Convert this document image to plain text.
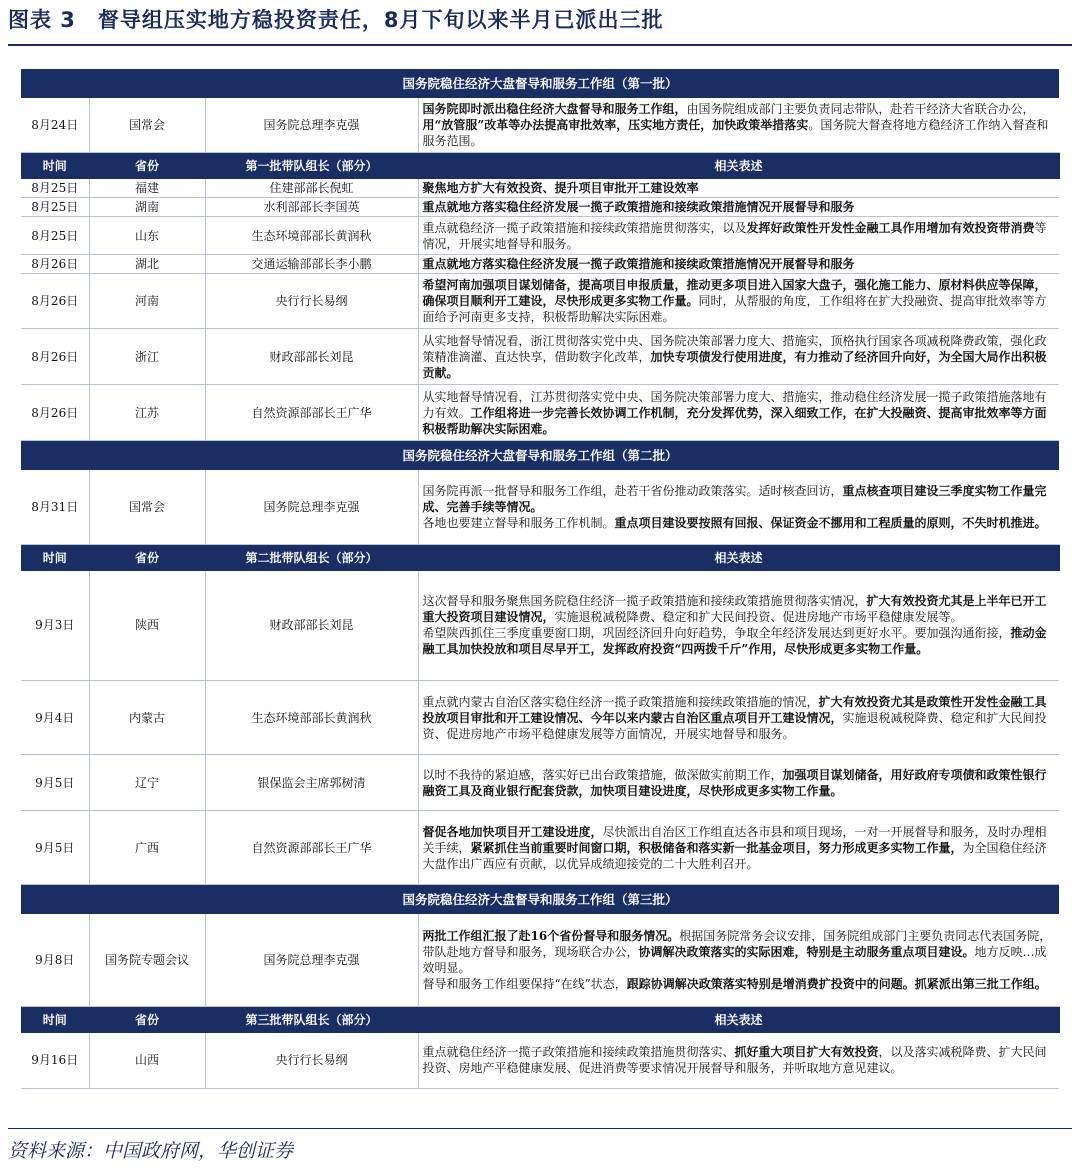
图表 3　督导组压实地方稳投资责任，8月下旬以来半月已派出三批
国务院稳住经济大盘督导和服务工作组（第一批）			
8月24日	国常会	国务院总理李克强	国务院即时派出稳住经济大盘督导和服务工作组，由国务院组成部门主要负责同志带队，赴若干经济大省联合办公，用“放管服”改革等办法提高审批效率，压实地方责任，加快政策举措落实。国务院大督查将地方稳经济工作纳入督查和服务范围。
时间	省份	第一批带队组长（部分）	相关表述
8月25日	福建	住建部部长倪虹	聚焦地方扩大有效投资、提升项目审批开工建设效率
8月25日	湖南	水利部部长李国英	重点就地方落实稳住经济发展一揽子政策措施和接续政策措施情况开展督导和服务
8月25日	山东	生态环境部部长黄润秋	重点就稳经济一揽子政策措施和接续政策措施贯彻落实，以及发挥好政策性开发性金融工具作用增加有效投资带消费等情况，开展实地督导和服务。
8月26日	湖北	交通运输部部长李小鹏	重点就地方落实稳住经济发展一揽子政策措施和接续政策措施情况开展督导和服务
8月26日	河南	央行行长易纲	希望河南加强项目谋划储备，提高项目申报质量，推动更多项目进入国家大盘子，强化施工能力、原材料供应等保障，确保项目顺利开工建设，尽快形成更多实物工作量。同时，从帮服的角度，工作组将在扩大投融资、提高审批效率等方面给予河南更多支持，积极帮助解决实际困难。
8月26日	浙江	财政部部长刘昆	从实地督导情况看，浙江贯彻落实党中央、国务院决策部署力度大、措施实，顶格执行国家各项减税降费政策，强化政策精准滴灌、直达快享，借助数字化改革，加快专项债发行使用进度，有力推动了经济回升向好，为全国大局作出积极贡献。
8月26日	江苏	自然资源部部长王广华	从实地督导情况看，江苏贯彻落实党中央、国务院决策部署力度大、措施实，推动稳住经济发展一揽子政策措施落地有力有效。工作组将进一步完善长效协调工作机制，充分发挥优势，深入细致工作，在扩大投融资、提高审批效率等方面积极帮助解决实际困难。
国务院稳住经济大盘督导和服务工作组（第二批）			
8月31日	国常会	国务院总理李克强	国务院再派一批督导和服务工作组，赴若干省份推动政策落实。适时核查回访，重点核查项目建设三季度实物工作量完成、完善手续等情况。
各地也要建立督导和服务工作机制。重点项目建设要按照有回报、保证资金不挪用和工程质量的原则，不失时机推进。
时间	省份	第二批带队组长（部分）	相关表述
9月3日	陕西	财政部部长刘昆	这次督导和服务聚焦国务院稳住经济一揽子政策措施和接续政策措施贯彻落实情况，扩大有效投资尤其是上半年已开工重大投资项目建设情况，实施退税减税降费、稳定和扩大民间投资、促进房地产市场平稳健康发展等。
希望陕西抓住三季度重要窗口期，巩固经济回升向好趋势，争取全年经济发展达到更好水平。要加强沟通衔接，推动金融工具加快投放和项目尽早开工，发挥政府投资“四两拨千斤”作用，尽快形成更多实物工作量。
9月4日	内蒙古	生态环境部部长黄润秋	重点就内蒙古自治区落实稳住经济一揽子政策措施和接续政策措施的情况，扩大有效投资尤其是政策性开发性金融工具投放项目审批和开工建设情况、今年以来内蒙古自治区重点项目开工建设情况，实施退税减税降费、稳定和扩大民间投资、促进房地产市场平稳健康发展等方面情况，开展实地督导和服务。
9月5日	辽宁	银保监会主席郭树清	以时不我待的紧迫感，落实好已出台政策措施，做深做实前期工作，加强项目谋划储备，用好政府专项债和政策性银行融资工具及商业银行配套贷款，加快项目建设进度，尽快形成更多实物工作量。
9月5日	广西	自然资源部部长王广华	督促各地加快项目开工建设进度，尽快派出自治区工作组直达各市县和项目现场，一对一开展督导和服务，及时办理相关手续，紧紧抓住当前重要时间窗口期，积极储备和落实新一批基金项目，努力形成更多实物工作量，为全国稳住经济大盘作出广西应有贡献，以优异成绩迎接党的二十大胜利召开。
国务院稳住经济大盘督导和服务工作组（第三批）			
9月8日	国务院专题会议	国务院总理李克强	两批工作组汇报了赴16个省份督导和服务情况。根据国务院常务会议安排，国务院组成部门主要负责同志代表国务院，带队赴地方督导和服务，现场联合办公，协调解决政策落实的实际困难，特别是主动服务重点项目建设。地方反映…成效明显。
督导和服务工作组要保持“在线”状态，跟踪协调解决政策落实特别是增消费扩投资中的问题。抓紧派出第三批工作组。
时间	省份	第三批带队组长（部分）	相关表述
9月16日	山西	央行行长易纲	重点就稳住经济一揽子政策措施和接续政策措施贯彻落实、抓好重大项目扩大有效投资，以及落实减税降费、扩大民间投资、房地产平稳健康发展、促进消费等要求情况开展督导和服务，并听取地方意见建议。
资料来源：中国政府网，华创证券
